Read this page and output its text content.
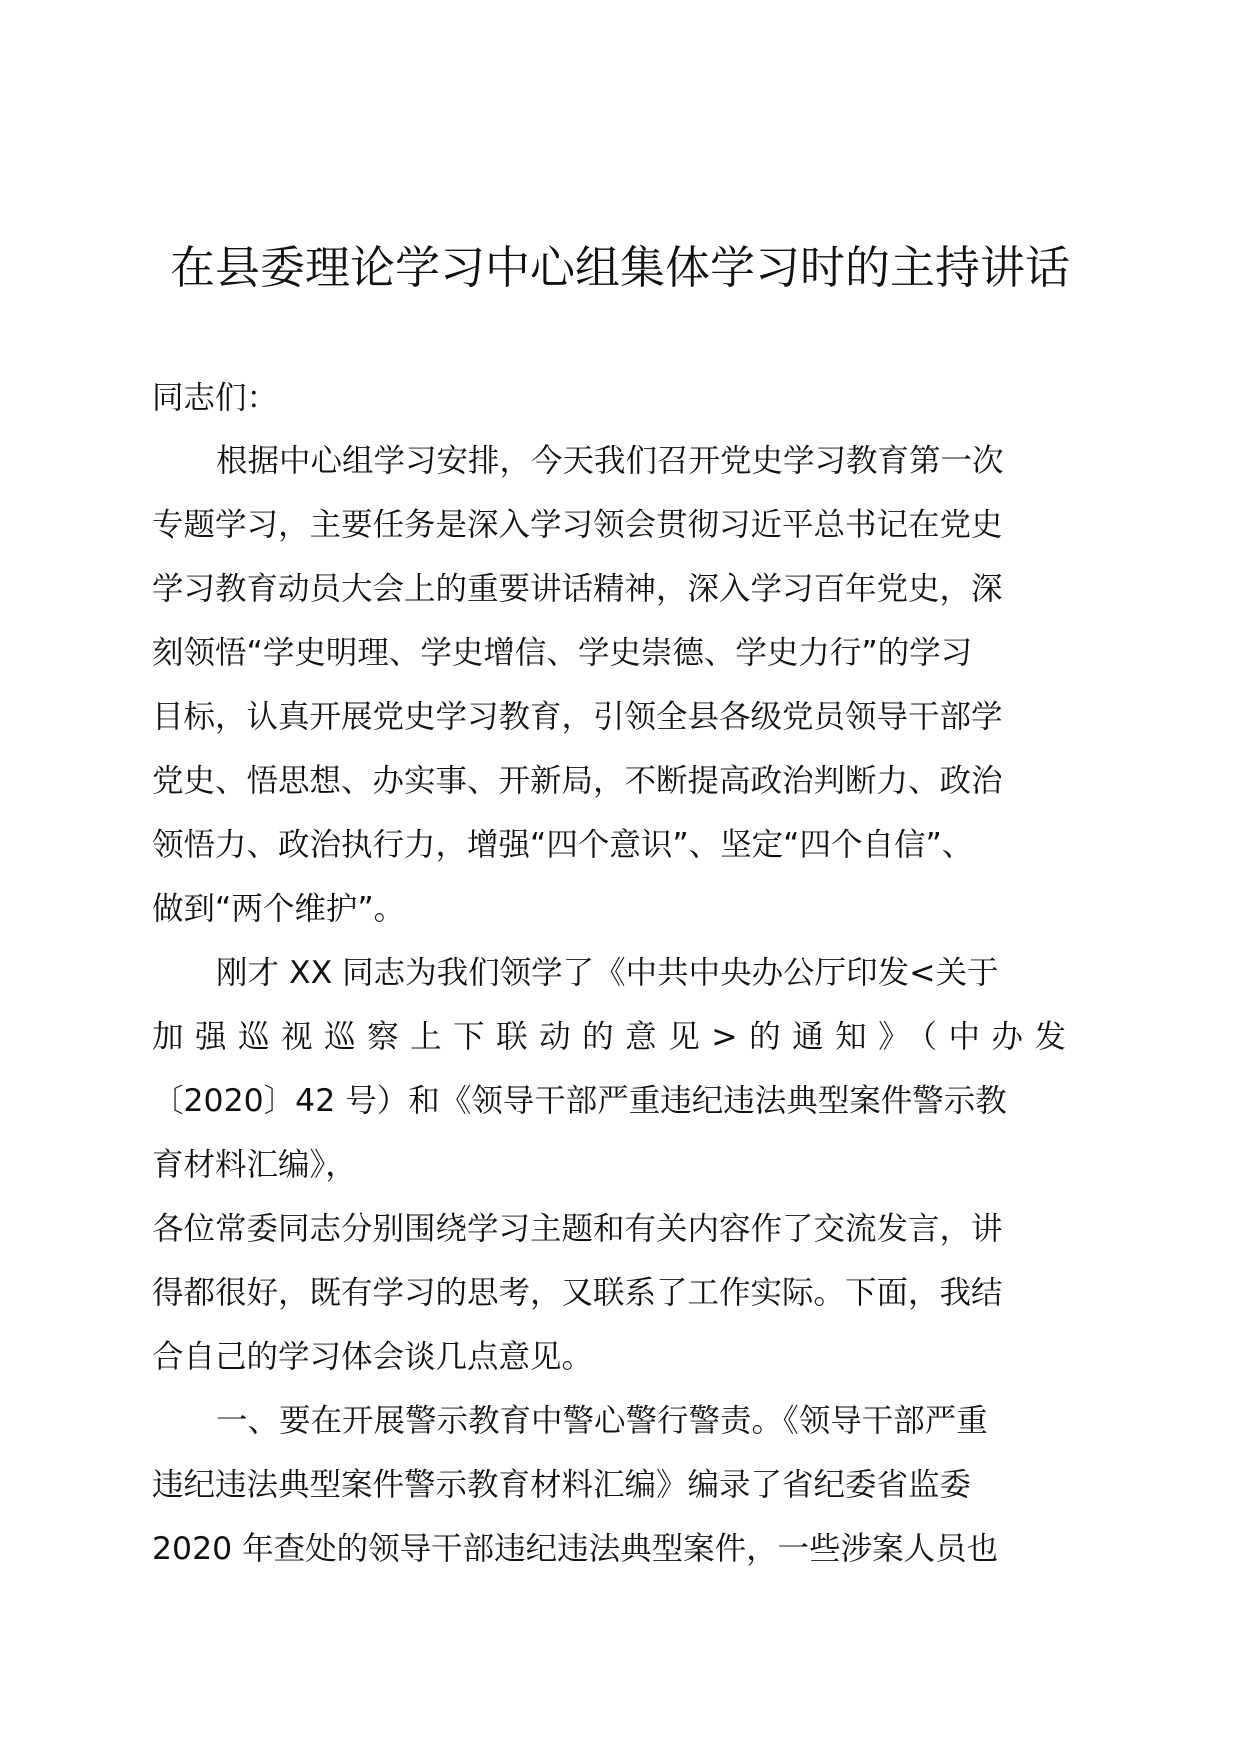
在县委理论学习中心组集体学习时的主持讲话
同志们：
根据中心组学习安排，今天我们召开党史学习教育第一次
专题学习，主要任务是深入学习领会贯彻习近平总书记在党史
学习教育动员大会上的重要讲话精神，深入学习百年党史，深
刻领悟“学史明理、学史增信、学史崇德、学史力行”的学习
目标，认真开展党史学习教育，引领全县各级党员领导干部学
党史、悟思想、办实事、开新局，不断提高政治判断力、政治
领悟力、政治执行力，增强“四个意识”、坚定“四个自信”、
做到“两个维护”。
刚才 XX 同志为我们领学了《中共中央办公厅印发<关于
加强巡视巡察上下联动的意见>的通知》（中办发
〔2020〕42 号）和《领导干部严重违纪违法典型案件警示教
育材料汇编》，
各位常委同志分别围绕学习主题和有关内容作了交流发言，讲
得都很好，既有学习的思考，又联系了工作实际。下面，我结
合自己的学习体会谈几点意见。
一、要在开展警示教育中警心警行警责。《领导干部严重
违纪违法典型案件警示教育材料汇编》编录了省纪委省监委
2020 年查处的领导干部违纪违法典型案件，一些涉案人员也
